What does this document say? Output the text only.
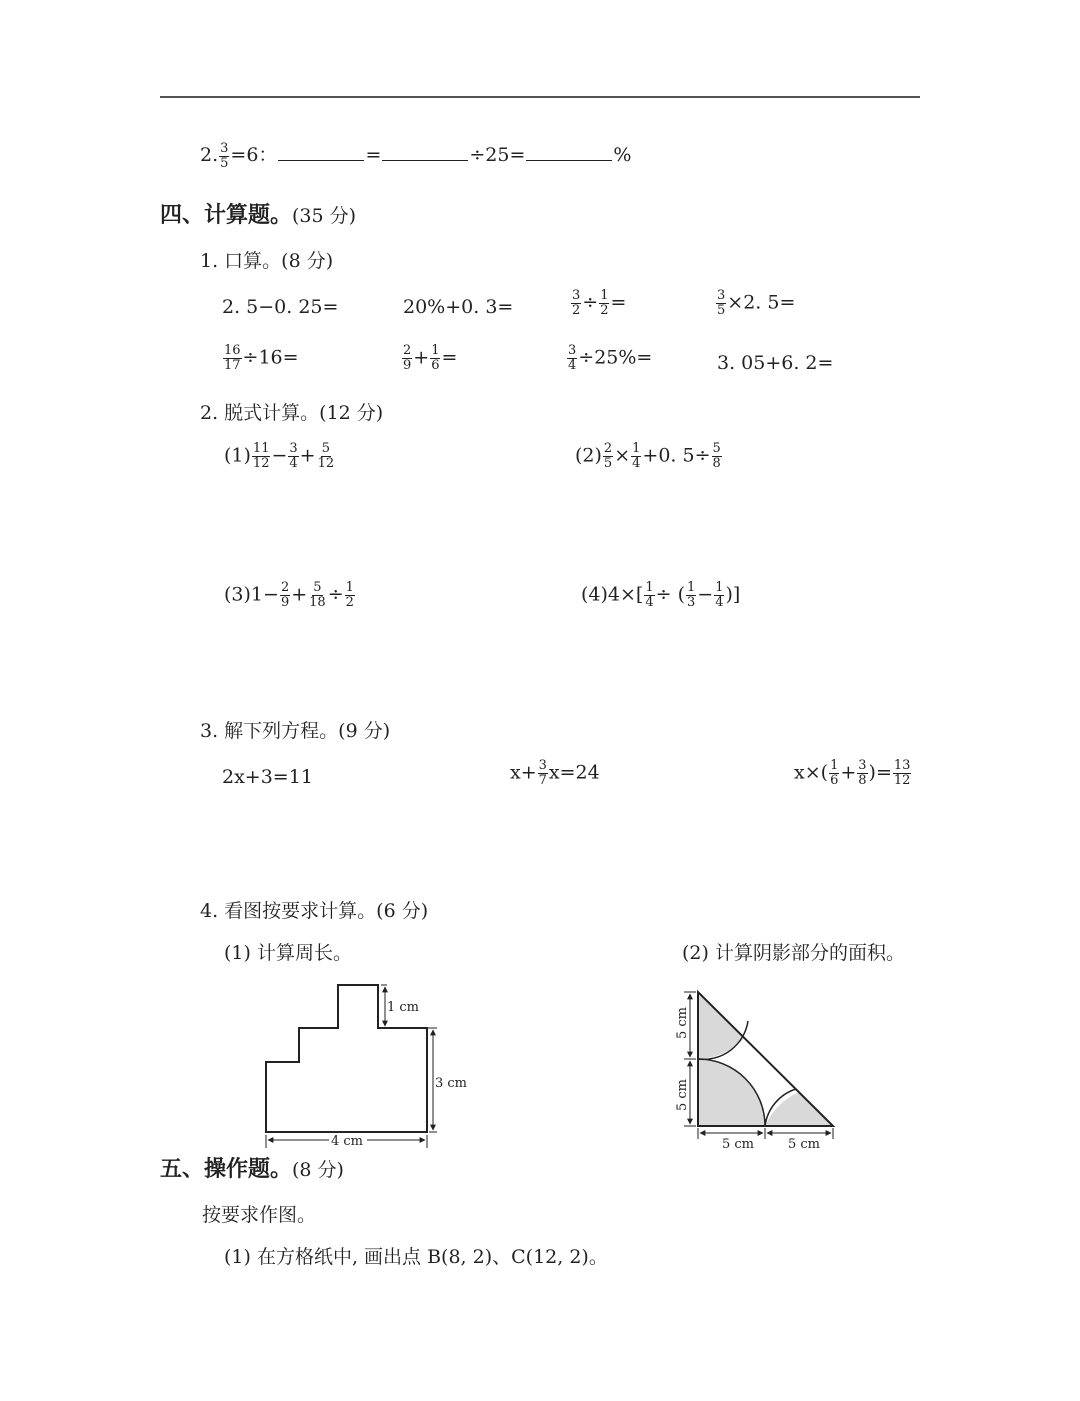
2. $\frac{3}{5} =6$：	=	÷25=	%
四、计算题。(35 分)
1. 口算。(8 分)
2. 5−0. 25=	20%+0. 3=	$\frac{3}{2} \div \frac{1}{2}$ =	$\frac{3}{5} \times 2$. 5=
$\frac{16}{17} \div 16=$	$\frac{2}{9} + \frac{1}{6}$ =	$\frac{3}{4} \div 25\%=$	3. 05+6. 2=
2. 脱式计算。(12 分)
$(1) \frac{11}{12} - \frac{3}{4} + \frac{5}{12}$	$(2) \frac{2}{5} \times \frac{1}{4} +0$. $5\div \frac{5}{8}$
$(3)1- \frac{2}{9} + \frac{5}{18} \div \frac{1}{2}$	$(4)4\times[ \frac{1}{4}$ ÷ ( $\frac{1}{3} - \frac{1}{4}$ )]
3. 解下列方程。(9 分)
2x+3=11	$x+ \frac{3}{7} x=24$	$x\times( \frac{1}{6} + \frac{3}{8}$ )= $\frac{13}{12}$
4. 看图按要求计算。(6 分)
(1) 计算周长。	(2) 计算阴影部分的面积。
1 cm
3 cm
4 cm
5 cm
5 cm
5 cm	5 cm
五、操作题。(8 分)
按要求作图。
(1) 在方格纸中, 画出点 B(8, 2)、C(12, 2)。
